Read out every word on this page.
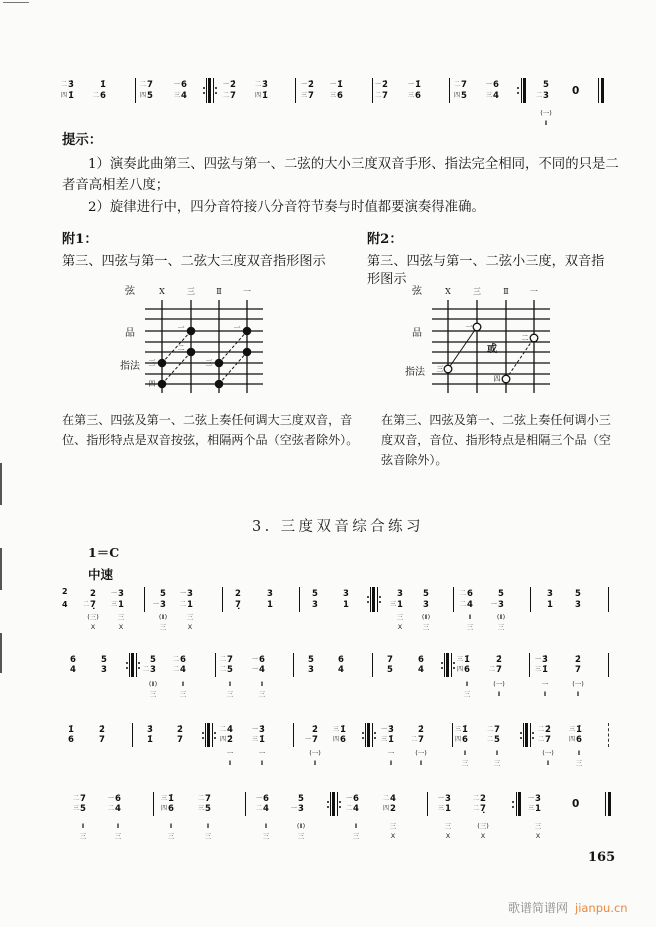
3̇
二
1̇
四
1̇
6
二
7
二
5
四
6
一
4
三
2̇
一
7
二
3̇
二
1̇
四
2̇
一
7
三
1̇
一
6
三
2̇
一
7
二
1̇
一
6
三
7
二
5
四
6
一
4
三
5
3
二
(一)
Ⅱ
0
提示：
1）演奏此曲第三、四弦与第一、二弦的大小三度双音手形、指法完全相同，不同的只是二
者音高相差八度；
2）旋律进行中，四分音符接八分音符节奏与时值都要演奏得准确。
附1：
第三、四弦与第一、二弦大三度双音指形图示
弦	X	三	Ⅱ	一
品
指法
一
二
三
四
一
三
附2：
第三、四弦与第一、二弦小三度，双音指
形图示
弦	X	三	Ⅱ	一
品
指法
一
二
三
四
或
在第三、四弦及第一、二弦上奏任何调大三度双音，音
位、指形特点是双音按弦，相隔两个品（空弦者除外）。
在第三、四弦及第一、二弦上奏任何调小三
度双音，音位、指形特点是相隔三个品（空
弦音除外）。
3. 三度双音综合练习
1＝C
中速
2
4
2
7̣
二
(三)
X
3
一
1
三
三
X
5
3
一
(Ⅱ)
三
3
一
1
二
三
X
2
7̣
3
1
5
3
3
1
3
1
三
三
X
5
3
(Ⅱ)
三
6
二
4
二
Ⅱ
三
5
3
一
(Ⅱ)
三
3
1
5
3
6
4
5
3
5
3
二
(Ⅱ)
三
6
二
4
二
Ⅱ
三
7
二
5
二
Ⅱ
三
6
一
4
一
Ⅱ
三
5
3
6
4
7
5
6
4
1̇
三
6
四
Ⅱ
三
2̇
7
二
(一)
Ⅱ
3̇
一
1̇
三
一
Ⅱ
2̇
7
(一)
Ⅱ
1̇
6
2̇
7
3̇
1̇
2̇
7
4̇
二
2̇
四
一
Ⅱ
3̇
一
1̇
三
一
Ⅱ
2̇
7
一
(一)
Ⅱ
1̇
三
6
四
3̇
一
1̇
三
一
Ⅱ
2̇
7
二
(一)
Ⅱ
1̇
三
6
四
Ⅱ
三
7
二
5
二
Ⅱ
三
2̇
二
7
二
(一)
Ⅱ
1̇
三
6
四
Ⅱ
三
7
二
5
三
Ⅱ
三
6
一
4
二
Ⅱ
三
1̇
三
6
四
Ⅱ
三
7
二
5
三
Ⅱ
三
6
一
4
二
Ⅱ
三
5
3
一
(Ⅱ)
三
6
一
4
二
Ⅱ
三
4
二
2
四
三
X
3
一
1
三
三
X
2
二
7̣
二
(三)
X
3
一
1
三
三
X
0
165
歌谱简谱网 jianpu.cn
